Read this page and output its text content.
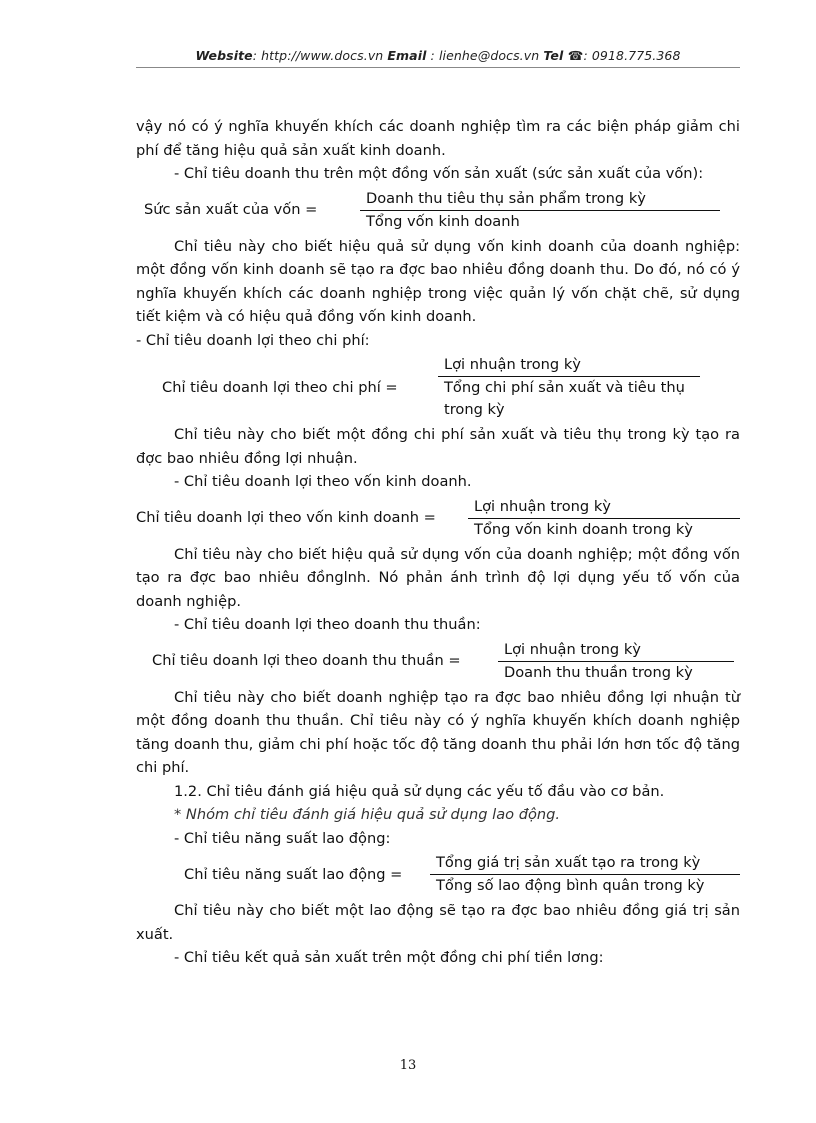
Website: http://www.docs.vn Email : lienhe@docs.vn Tel ☎: 0918.775.368

vậy nó có ý nghĩa khuyến khích các doanh nghiệp tìm ra các biện pháp giảm chi phí để tăng hiệu quả sản xuất kinh doanh.

- Chỉ tiêu doanh thu trên một đồng vốn sản xuất (sức sản xuất của vốn):

Sức sản xuất của vốn =	$\frac{\text{Doanh thu tiêu thụ sản phẩm trong kỳ}}{\text{Tổng vốn kinh doanh}}$

Chỉ tiêu này cho biết hiệu quả sử dụng vốn kinh doanh của doanh nghiệp: một đồng vốn kinh doanh sẽ tạo ra đợc bao nhiêu đồng doanh thu. Do đó, nó có ý nghĩa khuyến khích các doanh nghiệp trong việc quản lý vốn chặt chẽ, sử dụng tiết kiệm và có hiệu quả đồng vốn kinh doanh.

- Chỉ tiêu doanh lợi theo chi phí:

Chỉ tiêu doanh lợi theo chi phí =	$\frac{\text{Lợi nhuận trong kỳ}}{\text{Tổng chi phí sản xuất và tiêu thụ trong kỳ}}$

Chỉ tiêu này cho biết một đồng chi phí sản xuất và tiêu thụ trong kỳ tạo ra đợc bao nhiêu đồng lợi nhuận.

- Chỉ tiêu doanh lợi theo vốn kinh doanh.

Chỉ tiêu doanh lợi theo vốn kinh doanh =	$\frac{\text{Lợi nhuận trong kỳ}}{\text{Tổng vốn kinh doanh trong kỳ}}$

Chỉ tiêu này cho biết hiệu quả sử dụng vốn của doanh nghiệp; một đồng vốn tạo ra đợc bao nhiêu đồnglnh. Nó phản ánh trình độ lợi dụng yếu tố vốn của doanh nghiệp.

- Chỉ tiêu doanh lợi theo doanh thu thuần:

Chỉ tiêu doanh lợi theo doanh thu thuần =	$\frac{\text{Lợi nhuận trong kỳ}}{\text{Doanh thu thuần trong kỳ}}$

Chỉ tiêu này cho biết doanh nghiệp tạo ra đợc bao nhiêu đồng lợi nhuận từ một đồng doanh thu thuần. Chỉ tiêu này có ý nghĩa khuyến khích doanh nghiệp tăng doanh thu, giảm chi phí hoặc tốc độ tăng doanh thu phải lớn hơn tốc độ tăng chi phí.

1.2. Chỉ tiêu đánh giá hiệu quả sử dụng các yếu tố đầu vào cơ bản.

* Nhóm chỉ tiêu đánh giá hiệu quả sử dụng lao động.

- Chỉ tiêu năng suất lao động:

Chỉ tiêu năng suất lao động =	$\frac{\text{Tổng giá trị sản xuất tạo ra trong kỳ}}{\text{Tổng số lao động bình quân trong kỳ}}$

Chỉ tiêu này cho biết một lao động sẽ tạo ra đợc bao nhiêu đồng giá trị sản xuất.

- Chỉ tiêu kết quả sản xuất trên một đồng chi phí tiền lơng:

13
